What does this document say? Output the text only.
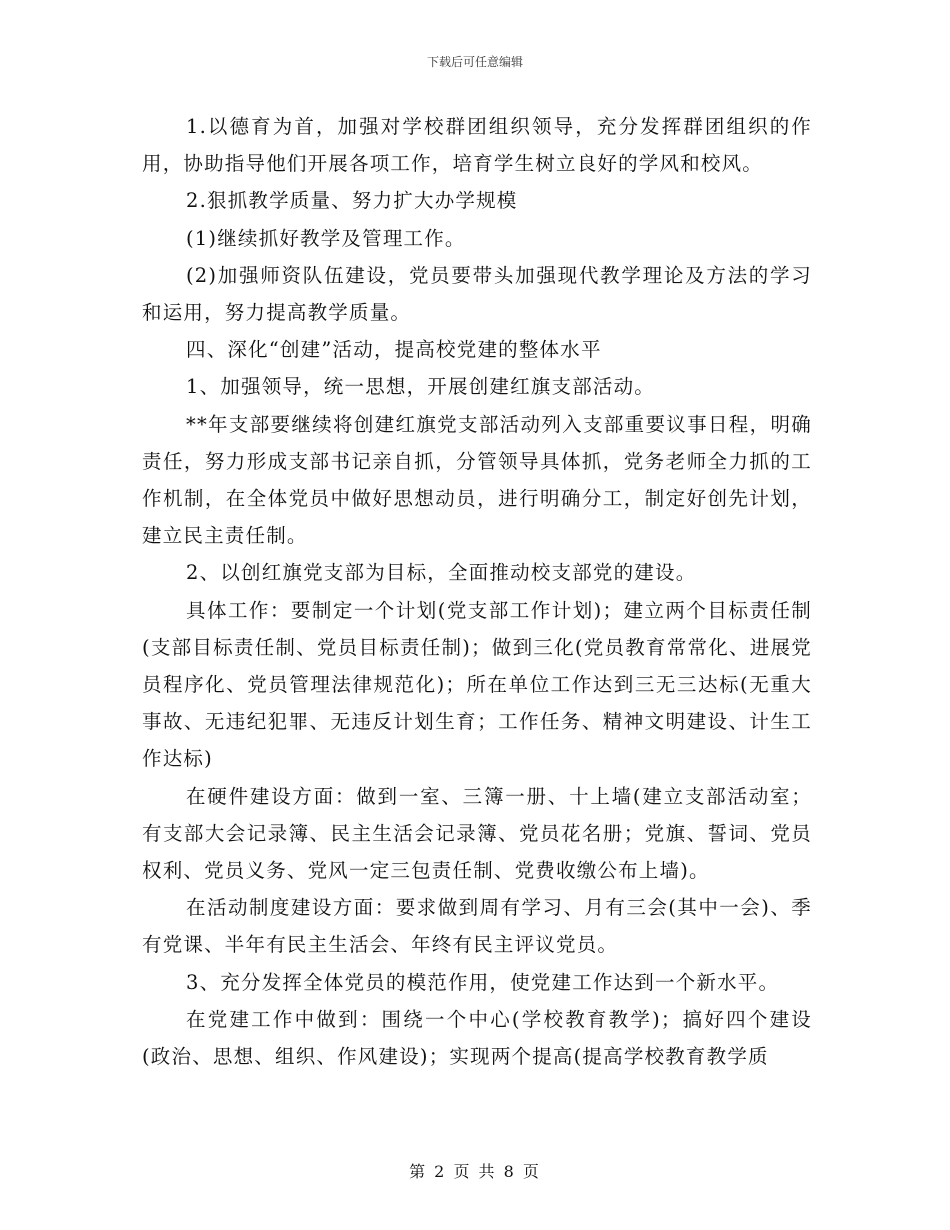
下载后可任意编辑

1.以德育为首，加强对学校群团组织领导，充分发挥群团组织的作用，协助指导他们开展各项工作，培育学生树立良好的学风和校风。

2.狠抓教学质量、努力扩大办学规模

(1)继续抓好教学及管理工作。

(2)加强师资队伍建设，党员要带头加强现代教学理论及方法的学习和运用，努力提高教学质量。

四、深化“创建”活动，提高校党建的整体水平

1、加强领导，统一思想，开展创建红旗支部活动。

**年支部要继续将创建红旗党支部活动列入支部重要议事日程，明确责任，努力形成支部书记亲自抓，分管领导具体抓，党务老师全力抓的工作机制，在全体党员中做好思想动员，进行明确分工，制定好创先计划，建立民主责任制。

2、以创红旗党支部为目标，全面推动校支部党的建设。

具体工作：要制定一个计划(党支部工作计划)；建立两个目标责任制(支部目标责任制、党员目标责任制)；做到三化(党员教育常常化、进展党员程序化、党员管理法律规范化)；所在单位工作达到三无三达标(无重大事故、无违纪犯罪、无违反计划生育；工作任务、精神文明建设、计生工作达标)

在硬件建设方面：做到一室、三簿一册、十上墙(建立支部活动室；有支部大会记录簿、民主生活会记录簿、党员花名册；党旗、誓词、党员权利、党员义务、党风一定三包责任制、党费收缴公布上墙)。

在活动制度建设方面：要求做到周有学习、月有三会(其中一会)、季有党课、半年有民主生活会、年终有民主评议党员。

3、充分发挥全体党员的模范作用，使党建工作达到一个新水平。

在党建工作中做到：围绕一个中心(学校教育教学)；搞好四个建设(政治、思想、组织、作风建设)；实现两个提高(提高学校教育教学质

第 2 页 共 8 页
